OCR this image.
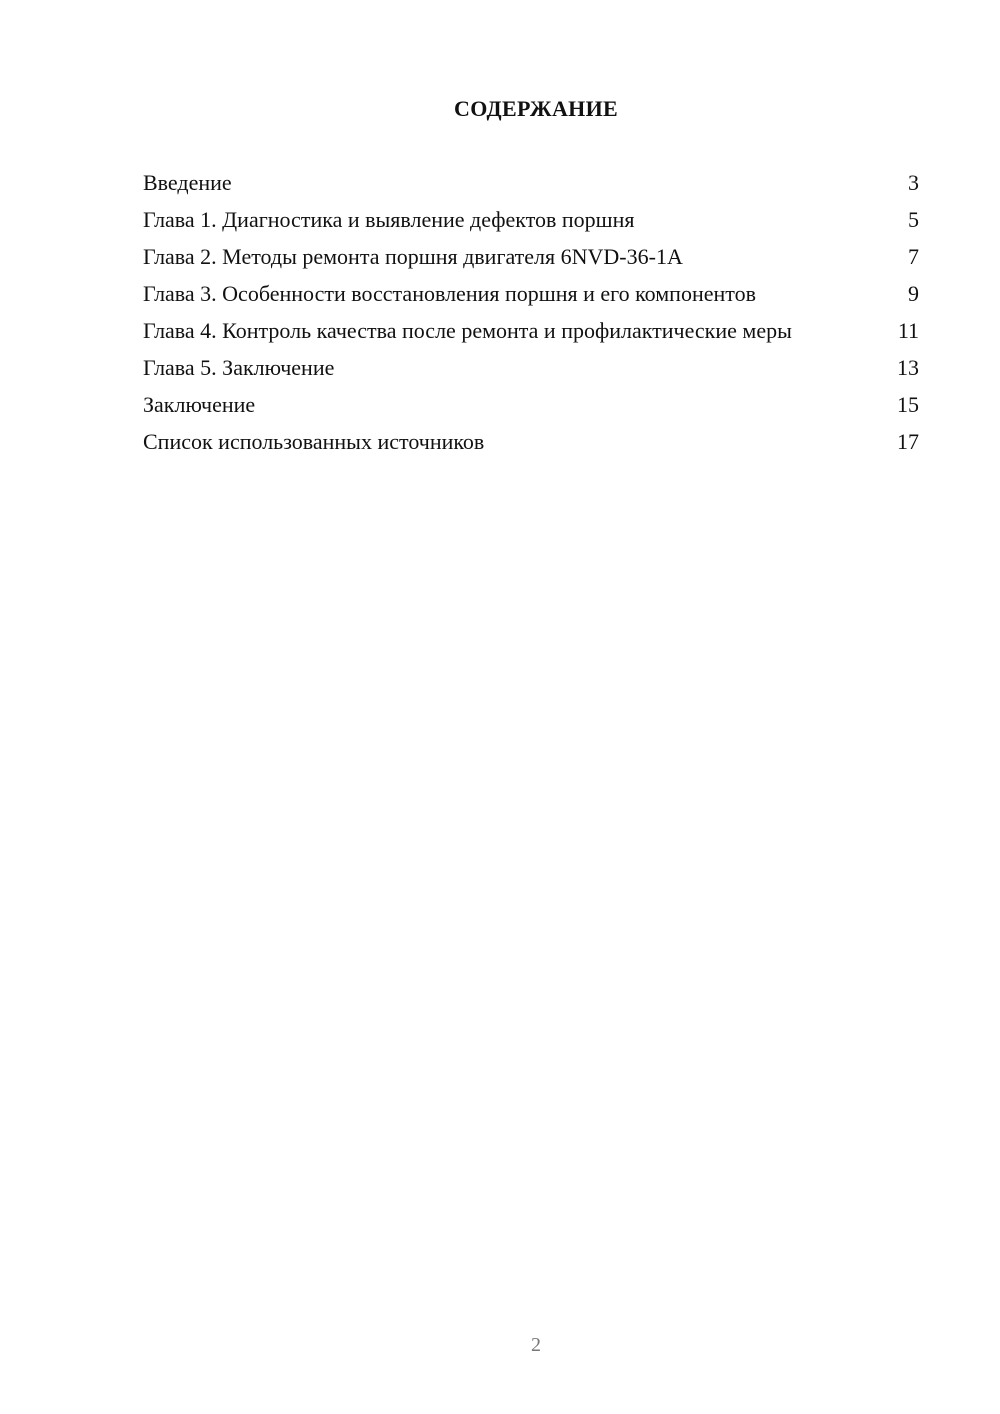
СОДЕРЖАНИЕ
Введение	3
Глава 1. Диагностика и выявление дефектов поршня	5
Глава 2. Методы ремонта поршня двигателя 6NVD-36-1A	7
Глава 3. Особенности восстановления поршня и его компонентов	9
Глава 4. Контроль качества после ремонта и профилактические меры	11
Глава 5. Заключение	13
Заключение	15
Список использованных источников	17
2
